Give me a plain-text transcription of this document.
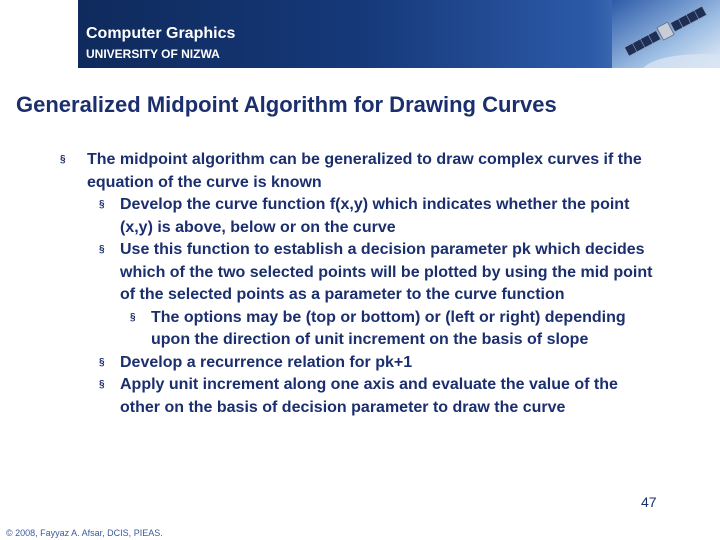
Computer Graphics
UNIVERSITY OF NIZWA
Generalized Midpoint Algorithm for Drawing Curves
§ The midpoint algorithm can be generalized to draw complex curves if the equation of the curve is known
§ Develop the curve function f(x,y) which indicates whether the point (x,y) is above, below or on the curve
§ Use this function to establish a decision parameter pk which decides which of the two selected points will be plotted by using the mid point of the selected points as a parameter to the curve function
§ The options may be (top or bottom) or (left or right) depending upon the direction of unit increment on the basis of slope
§ Develop a recurrence relation for pk+1
§ Apply unit increment along one axis and evaluate the value of the other on the basis of decision parameter to draw the curve
47
© 2008, Fayyaz A. Afsar, DCIS, PIEAS.
